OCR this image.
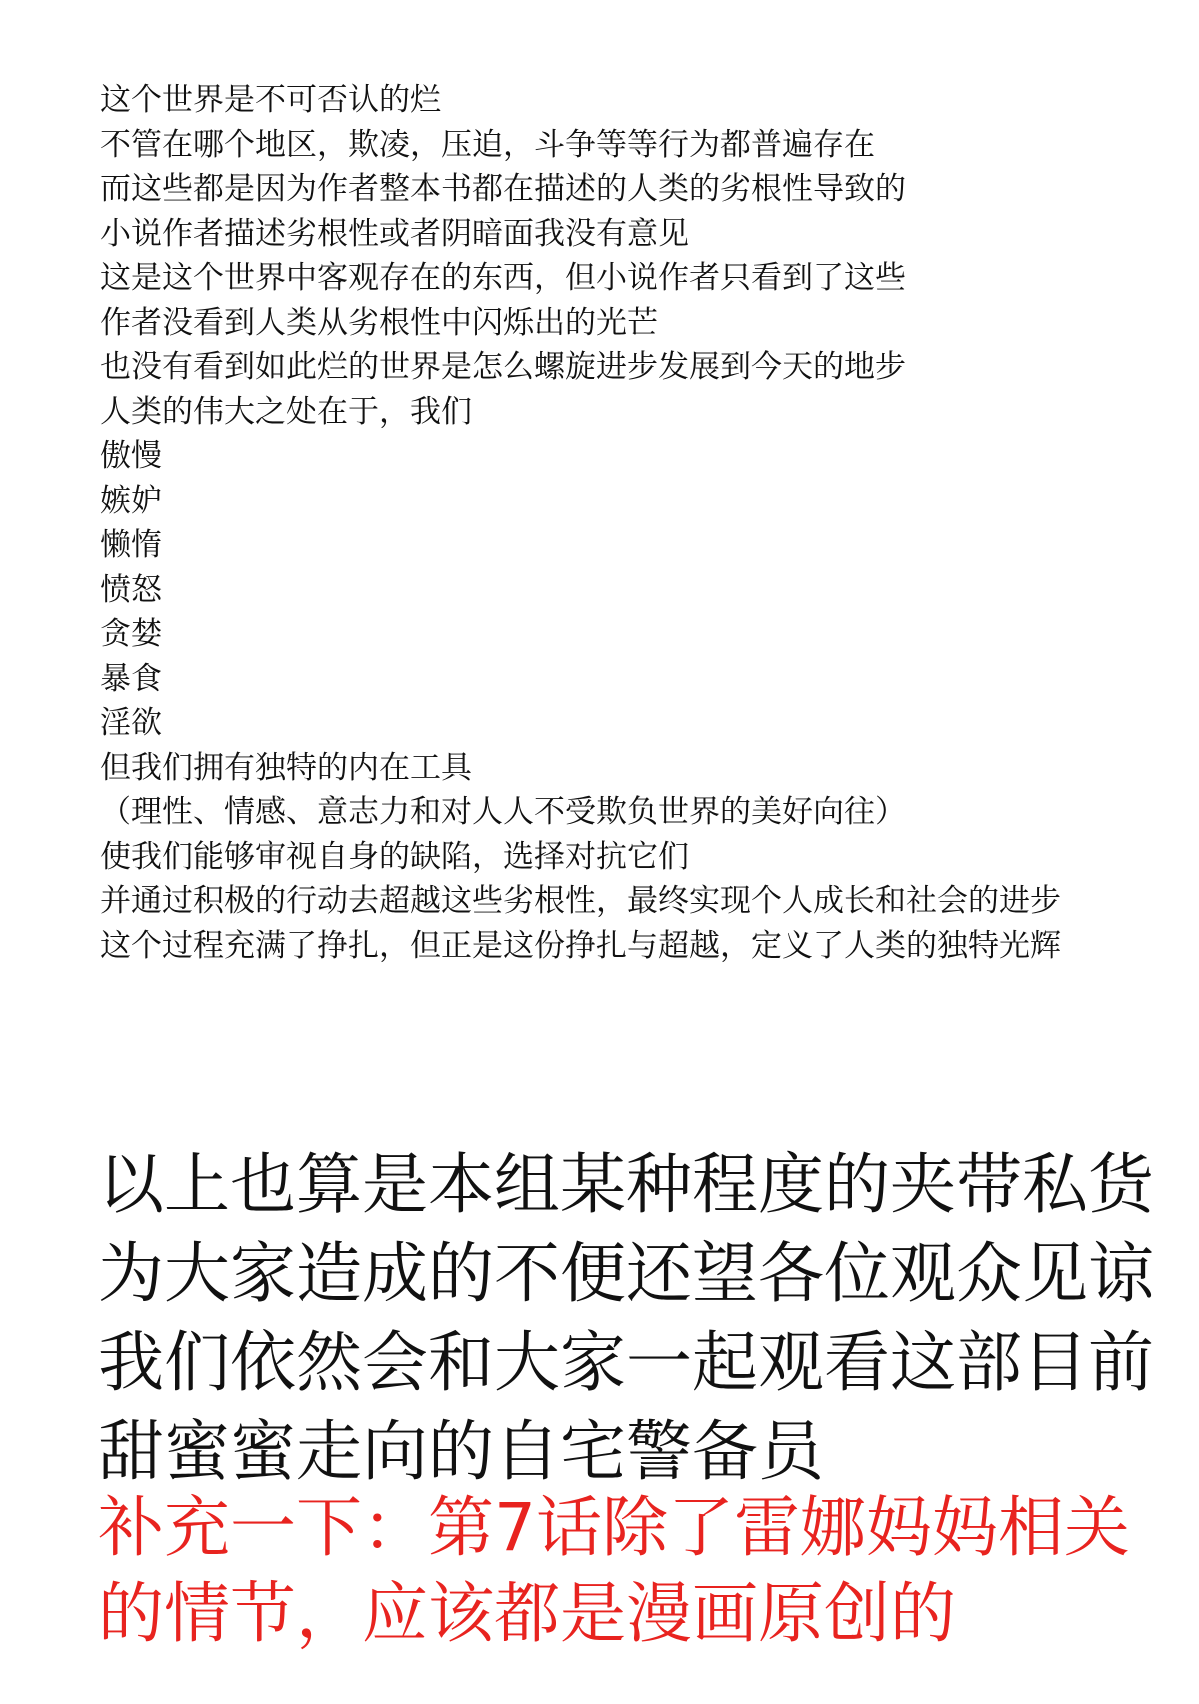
这个世界是不可否认的烂
不管在哪个地区，欺凌，压迫，斗争等等行为都普遍存在
而这些都是因为作者整本书都在描述的人类的劣根性导致的
小说作者描述劣根性或者阴暗面我没有意见
这是这个世界中客观存在的东西，但小说作者只看到了这些
作者没看到人类从劣根性中闪烁出的光芒
也没有看到如此烂的世界是怎么螺旋进步发展到今天的地步
人类的伟大之处在于，我们
傲慢
嫉妒
懒惰
愤怒
贪婪
暴食
淫欲
但我们拥有独特的内在工具
（理性、情感、意志力和对人人不受欺负世界的美好向往）
使我们能够审视自身的缺陷，选择对抗它们
并通过积极的行动去超越这些劣根性，最终实现个人成长和社会的进步
这个过程充满了挣扎，但正是这份挣扎与超越，定义了人类的独特光辉
以上也算是本组某种程度的夹带私货
为大家造成的不便还望各位观众见谅
我们依然会和大家一起观看这部目前
甜蜜蜜走向的自宅警备员
补充一下：第7话除了雷娜妈妈相关
的情节，应该都是漫画原创的
